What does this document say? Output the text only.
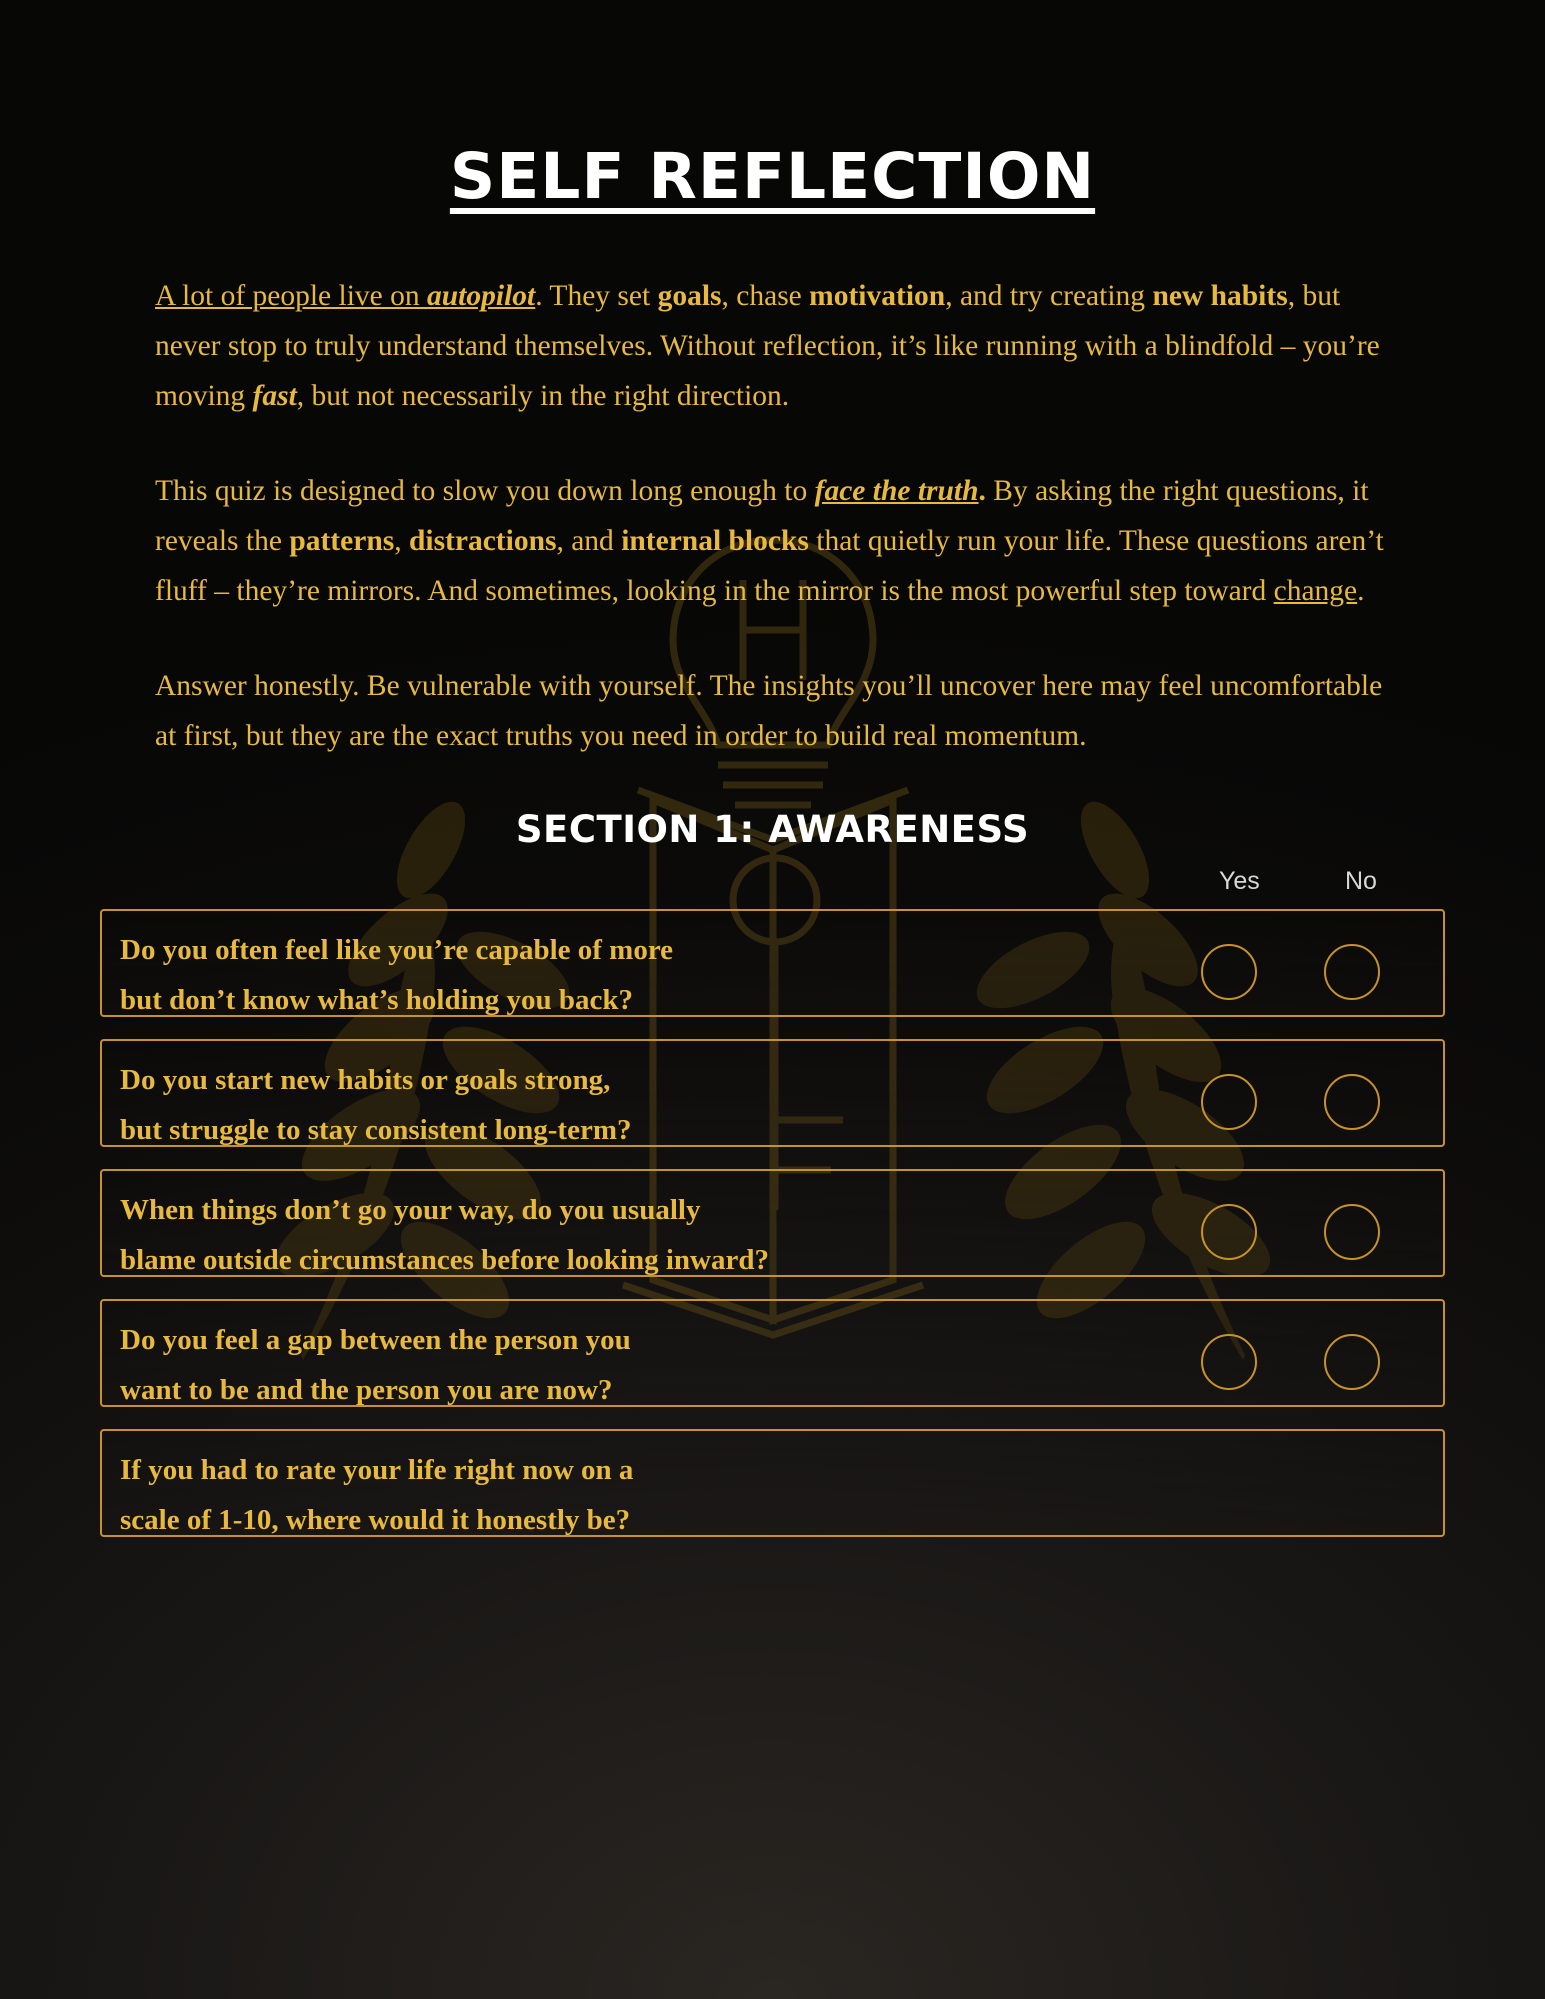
SELF REFLECTION

A lot of people live on autopilot. They set goals, chase motivation, and try creating new habits, but never stop to truly understand themselves. Without reflection, it’s like running with a blindfold – you’re moving fast, but not necessarily in the right direction.

This quiz is designed to slow you down long enough to face the truth. By asking the right questions, it reveals the patterns, distractions, and internal blocks that quietly run your life. These questions aren’t fluff – they’re mirrors. And sometimes, looking in the mirror is the most powerful step toward change.

Answer honestly. Be vulnerable with yourself. The insights you’ll uncover here may feel uncomfortable at first, but they are the exact truths you need in order to build real momentum.

SECTION 1: AWARENESS
Yes	No
Do you often feel like you’re capable of more
but don’t know what’s holding you back?
Do you start new habits or goals strong,
but struggle to stay consistent long-term?
When things don’t go your way, do you usually
blame outside circumstances before looking inward?
Do you feel a gap between the person you
want to be and the person you are now?
If you had to rate your life right now on a
scale of 1-10, where would it honestly be?
